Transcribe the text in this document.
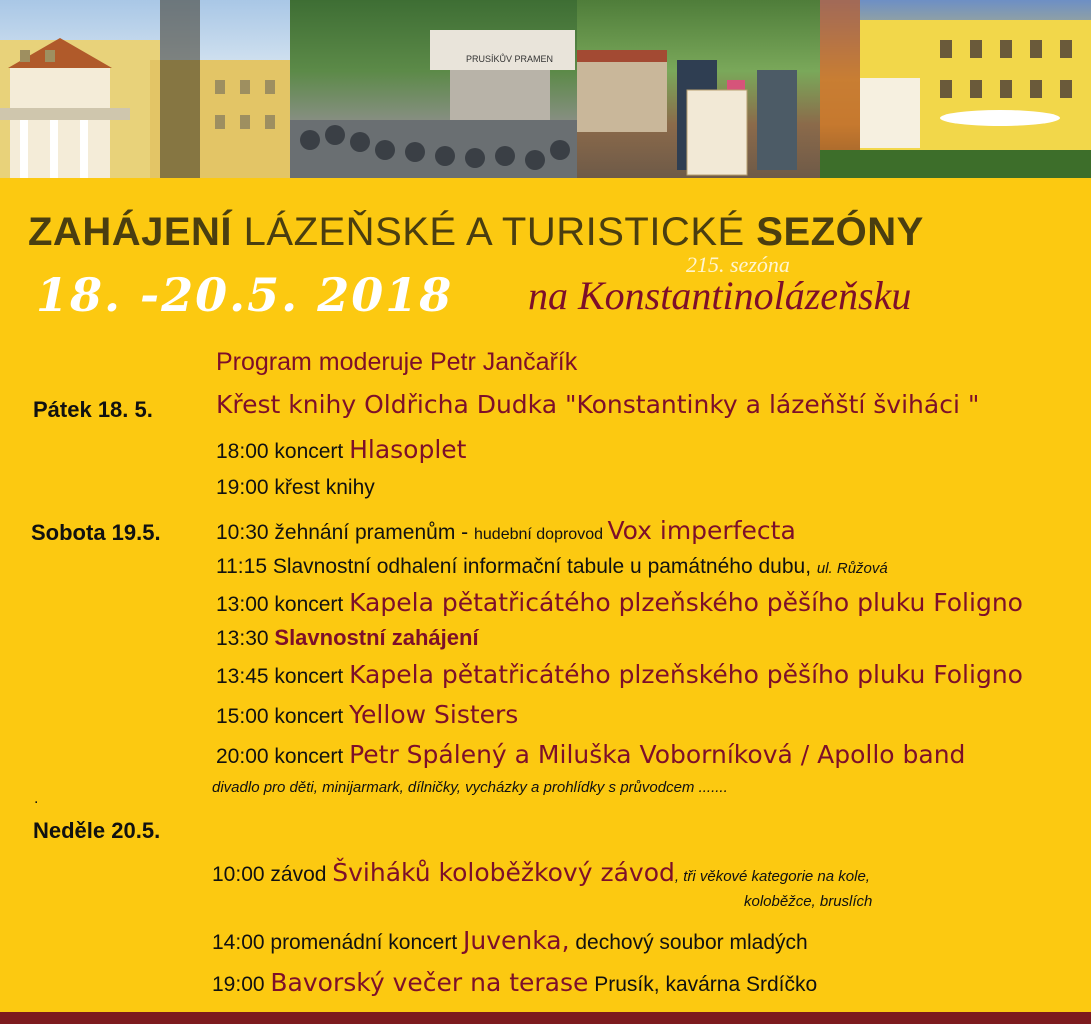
PRUSÍKŮV PRAMEN
ZAHÁJENÍ LÁZEŇSKÉ A TURISTICKÉ SEZÓNY
18. -20.5. 2018
215. sezóna
na Konstantinolázeňsku
Program moderuje Petr Jančařík
Pátek 18. 5.	Křest knihy Oldřicha Dudka "Konstantinky a lázeňští šviháci "
18:00 koncert Hlasoplet
19:00 křest knihy
Sobota 19.5.	10:30 žehnání pramenům - hudební doprovod Vox imperfecta
11:15 Slavnostní odhalení informační tabule u památného dubu, ul. Růžová
13:00 koncert Kapela pětatřicátého plzeňského pěšího pluku Foligno
13:30 Slavnostní zahájení
13:45 koncert Kapela pětatřicátého plzeňského pěšího pluku Foligno
15:00 koncert Yellow Sisters
20:00 koncert Petr Spálený a Miluška Voborníková / Apollo band
divadlo pro děti, minijarmark, dílničky, vycházky a prohlídky s průvodcem .......
.
Neděle 20.5.
10:00 závod Šviháků koloběžkový závod, tři věkové kategorie na kole,
koloběžce, bruslích
14:00 promenádní koncert Juvenka, dechový soubor mladých
19:00 Bavorský večer na terase Prusík, kavárna Srdíčko
